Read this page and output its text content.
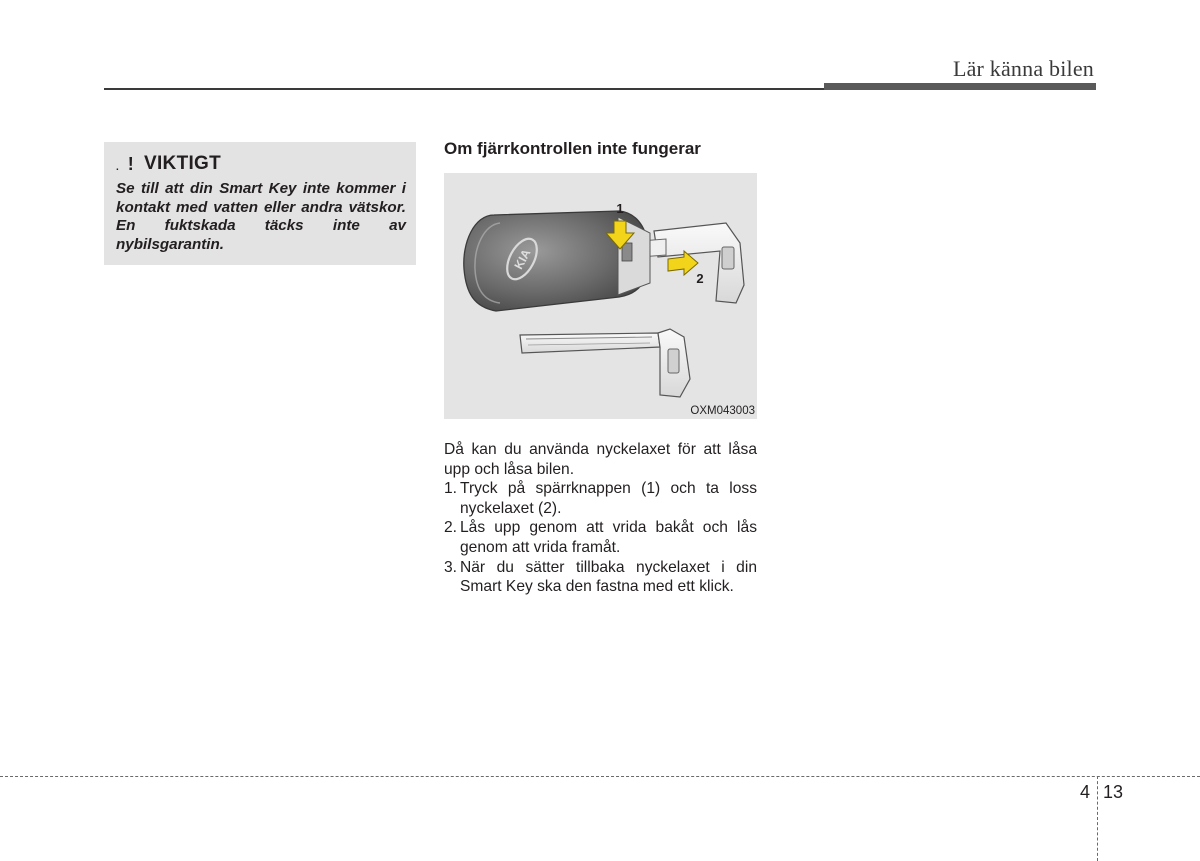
Lär känna bilen
. ! VIKTIGT
Se till att din Smart Key inte kommer i kontakt med vatten eller andra vätskor. En fuktskada täcks inte av nybilsgarantin.
Om fjärrkontrollen inte fungerar
KIA
1
2
OXM043003

Då kan du använda nyckelaxet för att låsa upp och låsa bilen.

1. Tryck på spärrknappen (1) och ta loss nyckelaxet (2).
2. Lås upp genom att vrida bakåt och lås genom att vrida framåt.
3. När du sätter tillbaka nyckelaxet i din Smart Key ska den fastna med ett klick.
4 13
